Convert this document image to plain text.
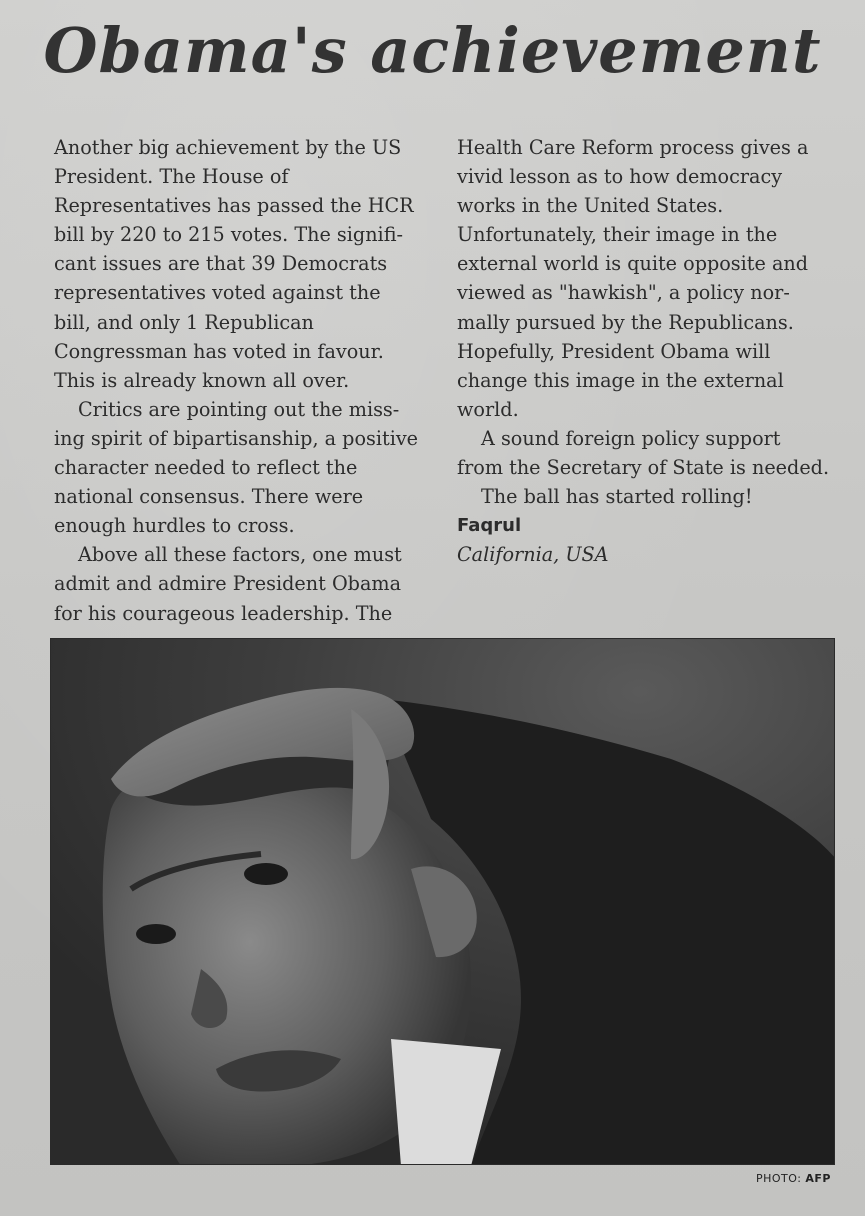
Obama's achievement

Another big achievement by the US
President. The House of
Representatives has passed the HCR
bill by 220 to 215 votes. The signifi-
cant issues are that 39 Democrats
representatives voted against the
bill, and only 1 Republican
Congressman has voted in favour.
This is already known all over.

Critics are pointing out the miss-
ing spirit of bipartisanship, a positive
character needed to reflect the
national consensus. There were
enough hurdles to cross.

Above all these factors, one must
admit and admire President Obama
for his courageous leadership. The

Health Care Reform process gives a
vivid lesson as to how democracy
works in the United States.
Unfortunately, their image in the
external world is quite opposite and
viewed as "hawkish", a policy nor-
mally pursued by the Republicans.
Hopefully, President Obama will
change this image in the external
world.

A sound foreign policy support
from the Secretary of State is needed.

The ball has started rolling!

Faqrul

California, USA

PHOTO: AFP
